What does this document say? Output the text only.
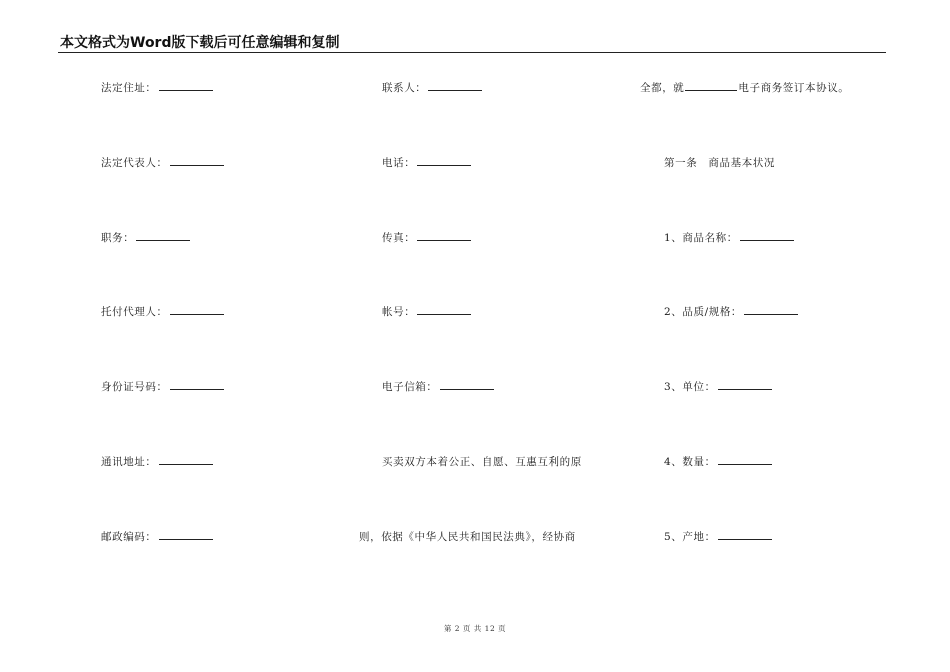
本文格式为Word版下载后可任意编辑和复制
法定住址：
法定代表人：
职务：
托付代理人：
身份证号码：
通讯地址：
邮政编码：
联系人：
电话：
传真：
帐号：
电子信箱：
买卖双方本着公正、自愿、互惠互利的原
则，依据《中华人民共和国民法典》，经协商
全都，就	电子商务签订本协议。
第一条　商品基本状况
1、商品名称：
2、品质/规格：
3、单位：
4、数量：
5、产地：
第 2 页 共 12 页
